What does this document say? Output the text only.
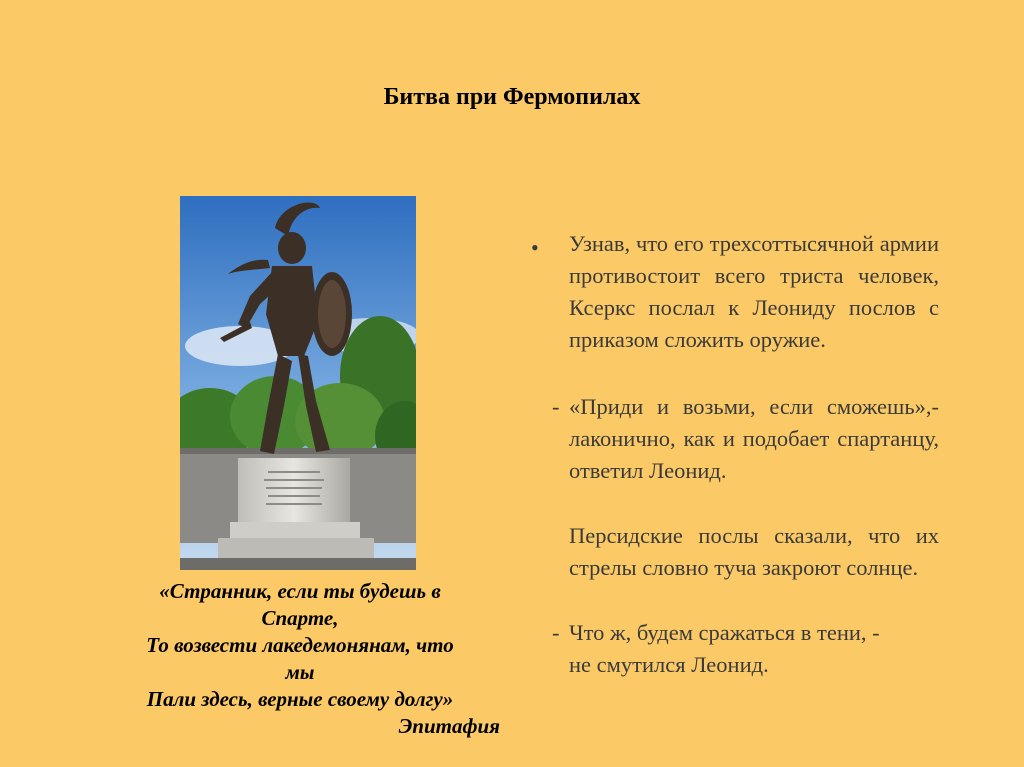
Битва при Фермопилах
«Странник, если ты будешь в
Спарте,
То возвести лакедемонянам, что
мы
Пали здесь, верные своему долгу»
Эпитафия
• Узнав, что его трехсоттысячной армии противостоит всего триста человек, Ксеркс послал к Леониду послов с приказом сложить оружие.
- «Приди и возьми, если сможешь»,- лаконично, как и подобает спартанцу, ответил Леонид.
Персидские послы сказали, что их стрелы словно туча закроют солнце.
- Что ж, будем сражаться в тени, -
не смутился Леонид.
